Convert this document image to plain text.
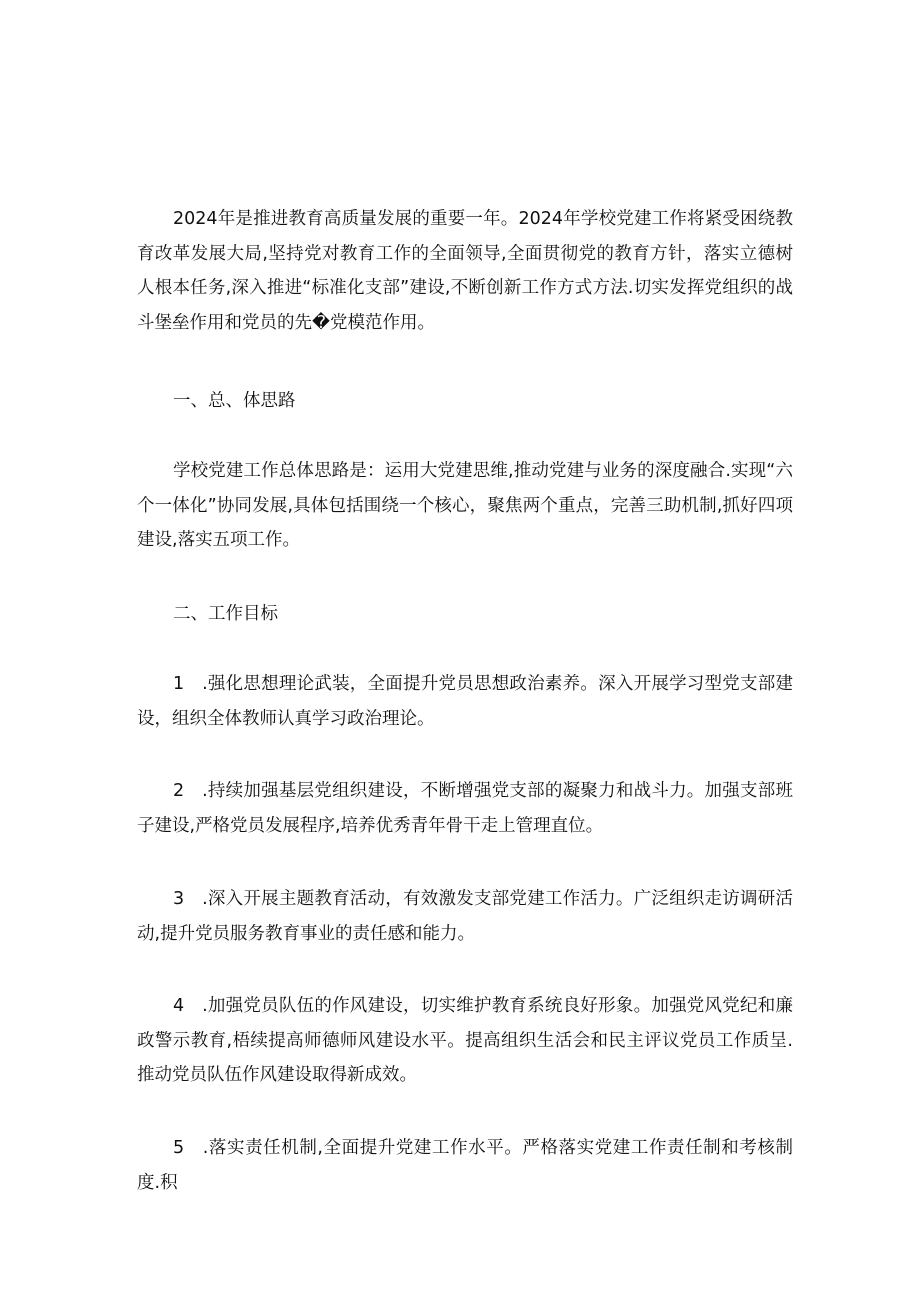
2024年是推进教育高质量发展的重要一年。2024年学校党建工作将紧受困绕教育改革发展大局,坚持党对教育工作的全面领导,全面贯彻党的教育方针，落实立德树人根本任务,深入推进“标准化支部”建设,不断创新工作方式方法.切实发挥党组织的战斗堡垒作用和党员的先�党模范作用。

一、总、体思路

学校党建工作总体思路是：运用大党建思维,推动党建与业务的深度融合.实现“六个一体化”协同发展,具体包括围绕一个核心，聚焦两个重点，完善三助机制,抓好四项建设,落实五项工作。

二、工作目标

1　.强化思想理论武装，全面提升党员思想政治素养。深入开展学习型党支部建设，组织全体教师认真学习政治理论。

2　.持续加强基层党组织建设，不断增强党支部的凝聚力和战斗力。加强支部班子建设,严格党员发展程序,培养优秀青年骨干走上管理直位。

3　.深入开展主题教育活动，有效激发支部党建工作活力。广泛组织走访调研活动,提升党员服务教育事业的责任感和能力。

4　.加强党员队伍的作风建设，切实维护教育系统良好形象。加强党风党纪和廉政警示教育,梧续提高师德师风建设水平。提高组织生活会和民主评议党员工作质呈.推动党员队伍作风建设取得新成效。

5　.落实责任机制,全面提升党建工作水平。严格落实党建工作责任制和考核制度.积
